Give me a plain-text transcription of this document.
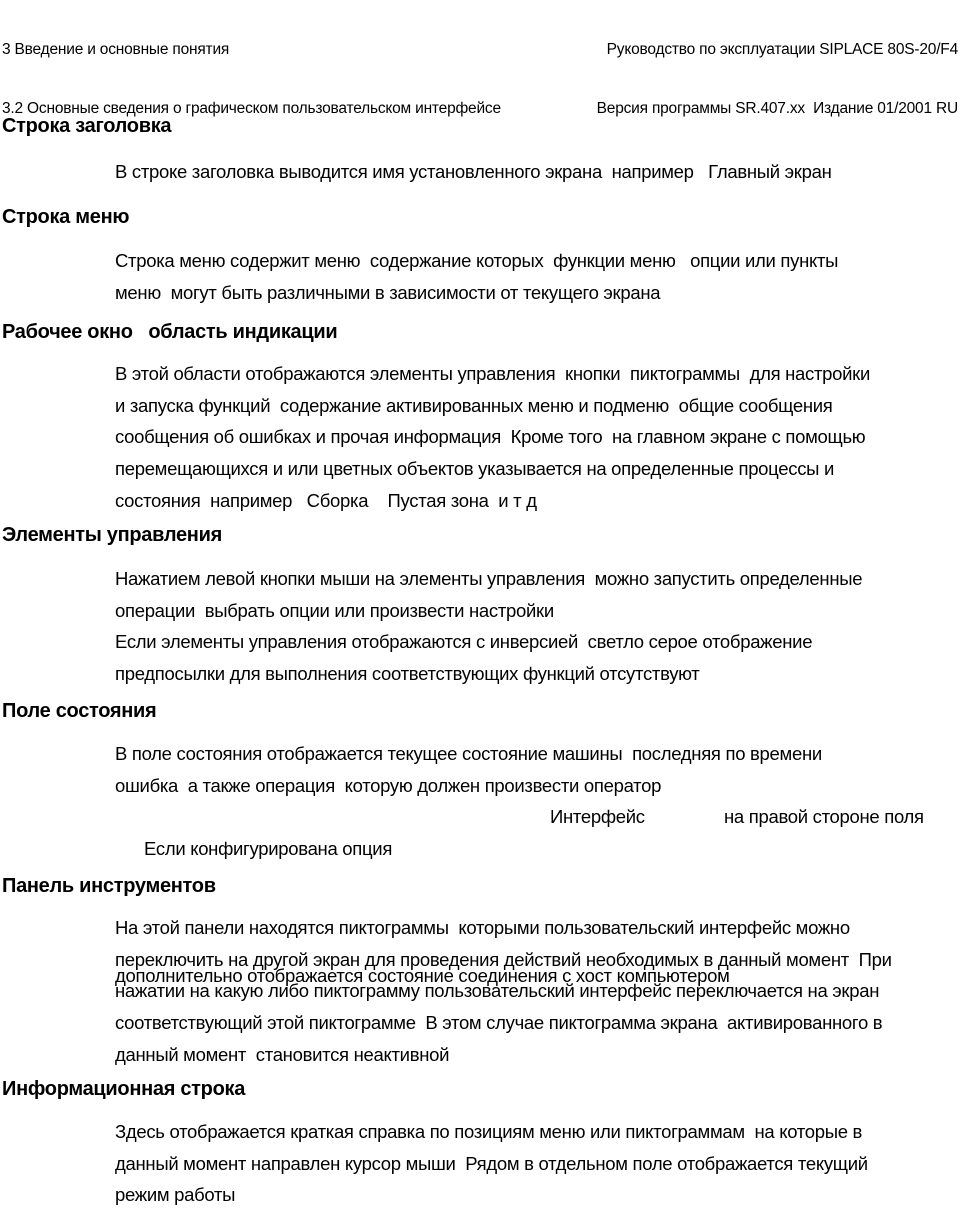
3 Введение и основные понятия

3.2 Основные сведения о графическом пользовательском интерфейсе

Руководство по эксплуатации SIPLACE 80S-20/F4

Версия программы SR.407.xx  Издание 01/2001 RU

Строка заголовка
В строке заголовка выводится имя установленного экрана  например   Главный экран
Строка меню
Строка меню содержит меню  содержание которых  функции меню   опции или пункты
меню  могут быть различными в зависимости от текущего экрана
Рабочее окно   область индикации
В этой области отображаются элементы управления  кнопки  пиктограммы  для настройки
и запуска функций  содержание активированных меню и подменю  общие сообщения
сообщения об ошибках и прочая информация  Кроме того  на главном экране с помощью
перемещающихся и или цветных объектов указывается на определенные процессы и
состояния  например   Сборка    Пустая зона  и т д
Элементы управления
Нажатием левой кнопки мыши на элементы управления  можно запустить определенные
операции  выбрать опции или произвести настройки
Если элементы управления отображаются с инверсией  светло серое отображение
предпосылки для выполнения соответствующих функций отсутствуют
Поле состояния
В поле состояния отображается текущее состояние машины  последняя по времени
ошибка  а также операция  которую должен произвести оператор

Если конфигурирована опция

Интерфейс

	на правой стороне поля

дополнительно отображается состояние соединения с хост компьютером
Панель инструментов
На этой панели находятся пиктограммы  которыми пользовательский интерфейс можно
переключить на другой экран для проведения действий необходимых в данный момент  При
нажатии на какую либо пиктограмму пользовательский интерфейс переключается на экран
соответствующий этой пиктограмме  В этом случае пиктограмма экрана  активированного в
данный момент  становится неактивной
Информационная строка
Здесь отображается краткая справка по позициям меню или пиктограммам  на которые в
данный момент направлен курсор мыши  Рядом в отдельном поле отображается текущий
режим работы
